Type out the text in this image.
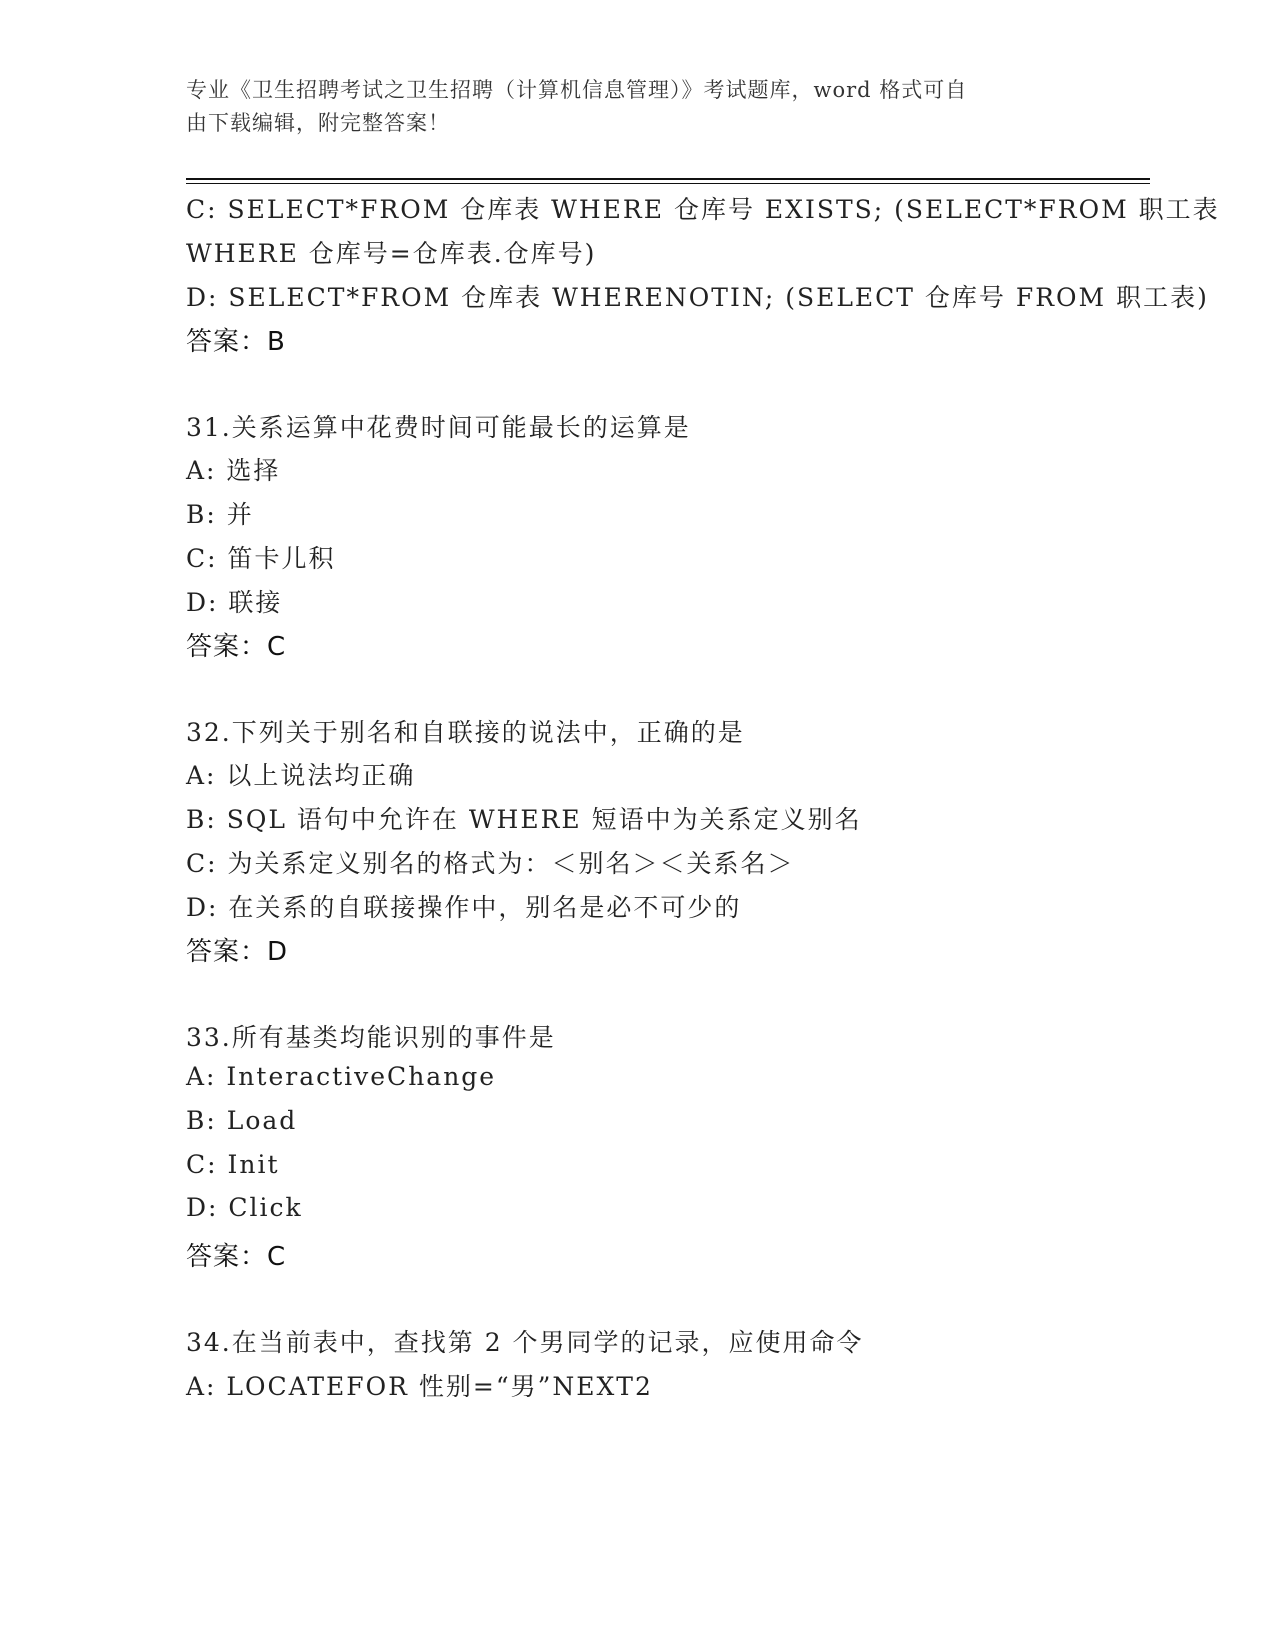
专业《卫生招聘考试之卫生招聘（计算机信息管理）》考试题库，word 格式可自
由下载编辑，附完整答案！
C: SELECT*FROM 仓库表 WHERE 仓库号 EXISTS; (SELECT*FROM 职工表
WHERE 仓库号=仓库表.仓库号)
D: SELECT*FROM 仓库表 WHERENOTIN; (SELECT 仓库号 FROM 职工表)
答案：B
31.关系运算中花费时间可能最长的运算是
A: 选择
B: 并
C: 笛卡儿积
D: 联接
答案：C
32.下列关于别名和自联接的说法中，正确的是
A: 以上说法均正确
B: SQL 语句中允许在 WHERE 短语中为关系定义别名
C: 为关系定义别名的格式为：＜别名＞＜关系名＞
D: 在关系的自联接操作中，别名是必不可少的
答案：D
33.所有基类均能识别的事件是
A: InteractiveChange
B: Load
C: Init
D: Click
答案：C
34.在当前表中，查找第 2 个男同学的记录，应使用命令
A: LOCATEFOR 性别=“男”NEXT2
